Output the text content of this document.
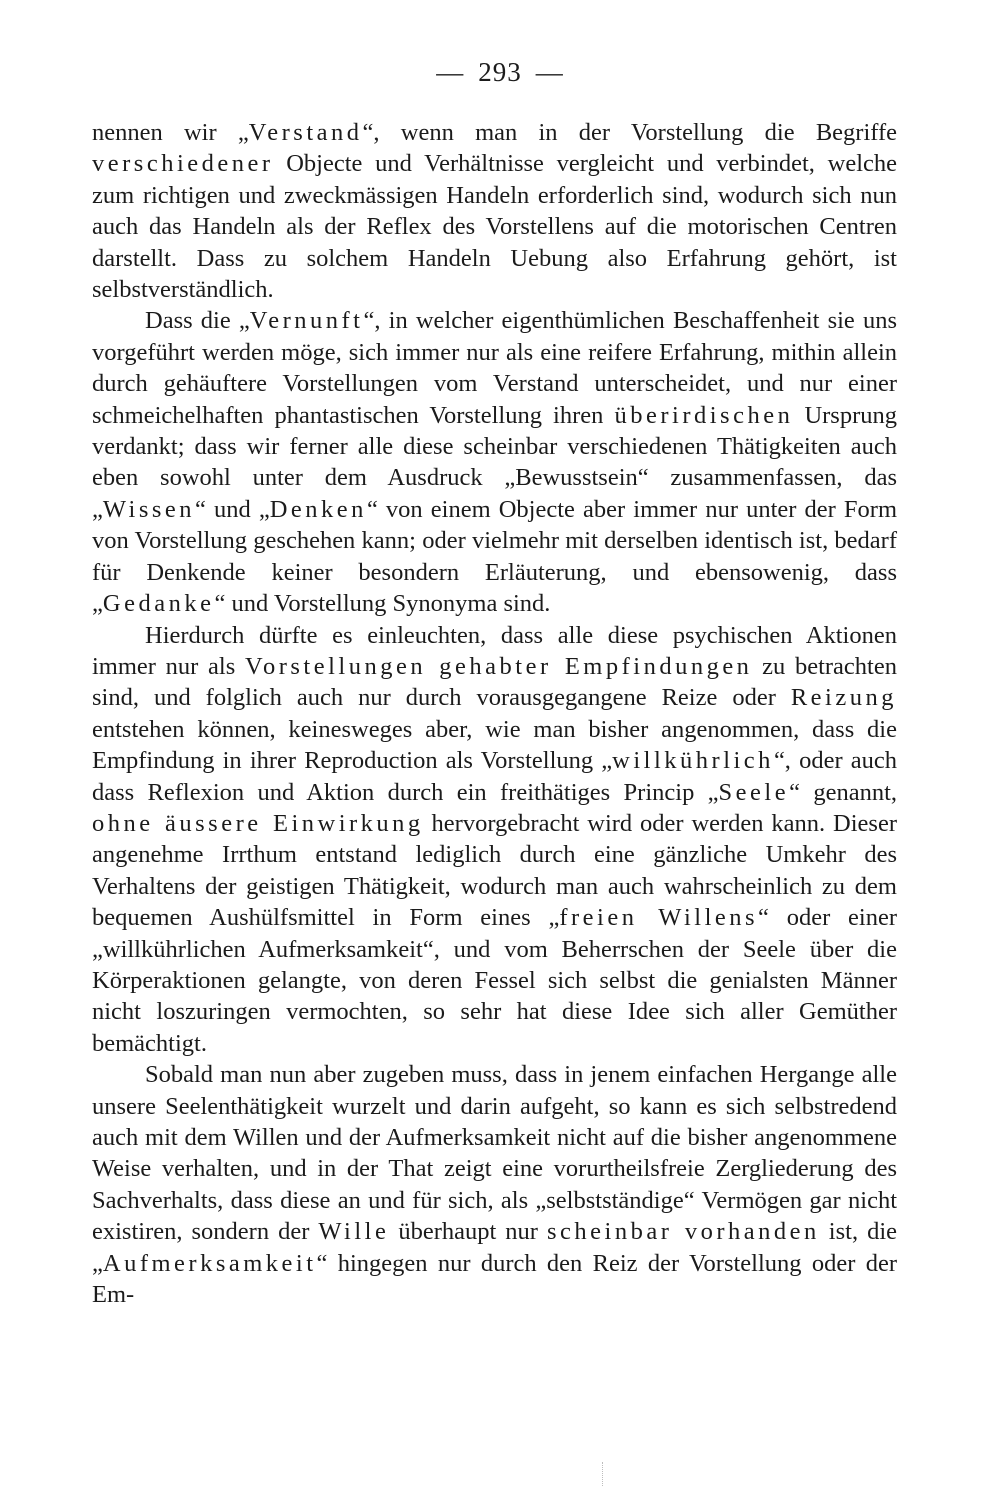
— 293 —

nennen wir „Verstand“, wenn man in der Vorstellung die Begriffe verschiedener Objecte und Verhältnisse vergleicht und verbindet, welche zum richtigen und zweckmässigen Handeln erforderlich sind, wodurch sich nun auch das Handeln als der Reflex des Vorstellens auf die motorischen Centren darstellt. Dass zu solchem Handeln Uebung also Erfahrung gehört, ist selbstverständlich.

Dass die „Vernunft“, in welcher eigenthümlichen Beschaffenheit sie uns vorgeführt werden möge, sich immer nur als eine reifere Erfahrung, mithin allein durch gehäuftere Vorstellungen vom Verstand unterscheidet, und nur einer schmeichelhaften phantastischen Vorstellung ihren überirdischen Ursprung verdankt; dass wir ferner alle diese scheinbar verschiedenen Thätigkeiten auch eben sowohl unter dem Ausdruck „Bewusstsein“ zusammenfassen, das „Wissen“ und „Denken“ von einem Objecte aber immer nur unter der Form von Vorstellung geschehen kann; oder vielmehr mit derselben identisch ist, bedarf für Denkende keiner besondern Erläuterung, und ebensowenig, dass „Gedanke“ und Vorstellung Synonyma sind.

Hierdurch dürfte es einleuchten, dass alle diese psychischen Aktionen immer nur als Vorstellungen gehabter Empfindungen zu betrachten sind, und folglich auch nur durch vorausgegangene Reize oder Reizung entstehen können, keinesweges aber, wie man bisher angenommen, dass die Empfindung in ihrer Reproduction als Vorstellung „willkührlich“, oder auch dass Reflexion und Aktion durch ein freithätiges Princip „Seele“ genannt, ohne äussere Einwirkung hervorgebracht wird oder werden kann. Dieser angenehme Irrthum entstand lediglich durch eine gänzliche Umkehr des Verhaltens der geistigen Thätigkeit, wodurch man auch wahrscheinlich zu dem bequemen Aushülfsmittel in Form eines „freien Willens“ oder einer „willkührlichen Aufmerksamkeit“, und vom Beherrschen der Seele über die Körperaktionen gelangte, von deren Fessel sich selbst die genialsten Männer nicht loszuringen vermochten, so sehr hat diese Idee sich aller Gemüther bemächtigt.

Sobald man nun aber zugeben muss, dass in jenem einfachen Hergange alle unsere Seelenthätigkeit wurzelt und darin aufgeht, so kann es sich selbstredend auch mit dem Willen und der Aufmerksamkeit nicht auf die bisher angenommene Weise verhalten, und in der That zeigt eine vorurtheilsfreie Zergliederung des Sachverhalts, dass diese an und für sich, als „selbstständige“ Vermögen gar nicht existiren, sondern der Wille überhaupt nur scheinbar vorhanden ist, die „Aufmerksamkeit“ hingegen nur durch den Reiz der Vorstellung oder der Em-
